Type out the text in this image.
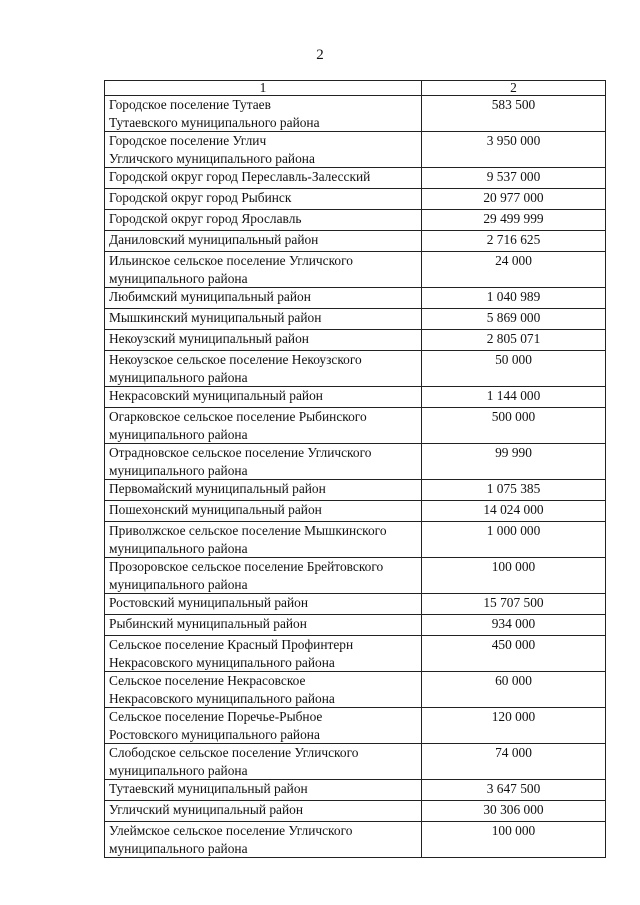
2
1	2
Городское поселение Тутаев
Тутаевского муниципального района	583 500
Городское поселение Углич
Угличского муниципального района	3 950 000
Городской округ город Переславль-Залесский	9 537 000
Городской округ город Рыбинск	20 977 000
Городской округ город Ярославль	29 499 999
Даниловский муниципальный район	2 716 625
Ильинское сельское поселение Угличского
муниципального района	24 000
Любимский муниципальный район	1 040 989
Мышкинский муниципальный район	5 869 000
Некоузский муниципальный район	2 805 071
Некоузское сельское поселение Некоузского
муниципального района	50 000
Некрасовский муниципальный район	1 144 000
Огарковское сельское поселение Рыбинского
муниципального района	500 000
Отрадновское сельское поселение Угличского
муниципального района	99 990
Первомайский муниципальный район	1 075 385
Пошехонский муниципальный район	14 024 000
Приволжское сельское поселение Мышкинского
муниципального района	1 000 000
Прозоровское сельское поселение Брейтовского
муниципального района	100 000
Ростовский муниципальный район	15 707 500
Рыбинский муниципальный район	934 000
Сельское поселение Красный Профинтерн
Некрасовского муниципального района	450 000
Сельское поселение Некрасовское
Некрасовского муниципального района	60 000
Сельское поселение Поречье-Рыбное
Ростовского муниципального района	120 000
Слободское сельское поселение Угличского
муниципального района	74 000
Тутаевский муниципальный район	3 647 500
Угличский муниципальный район	30 306 000
Улеймское сельское поселение Угличского
муниципального района	100 000
